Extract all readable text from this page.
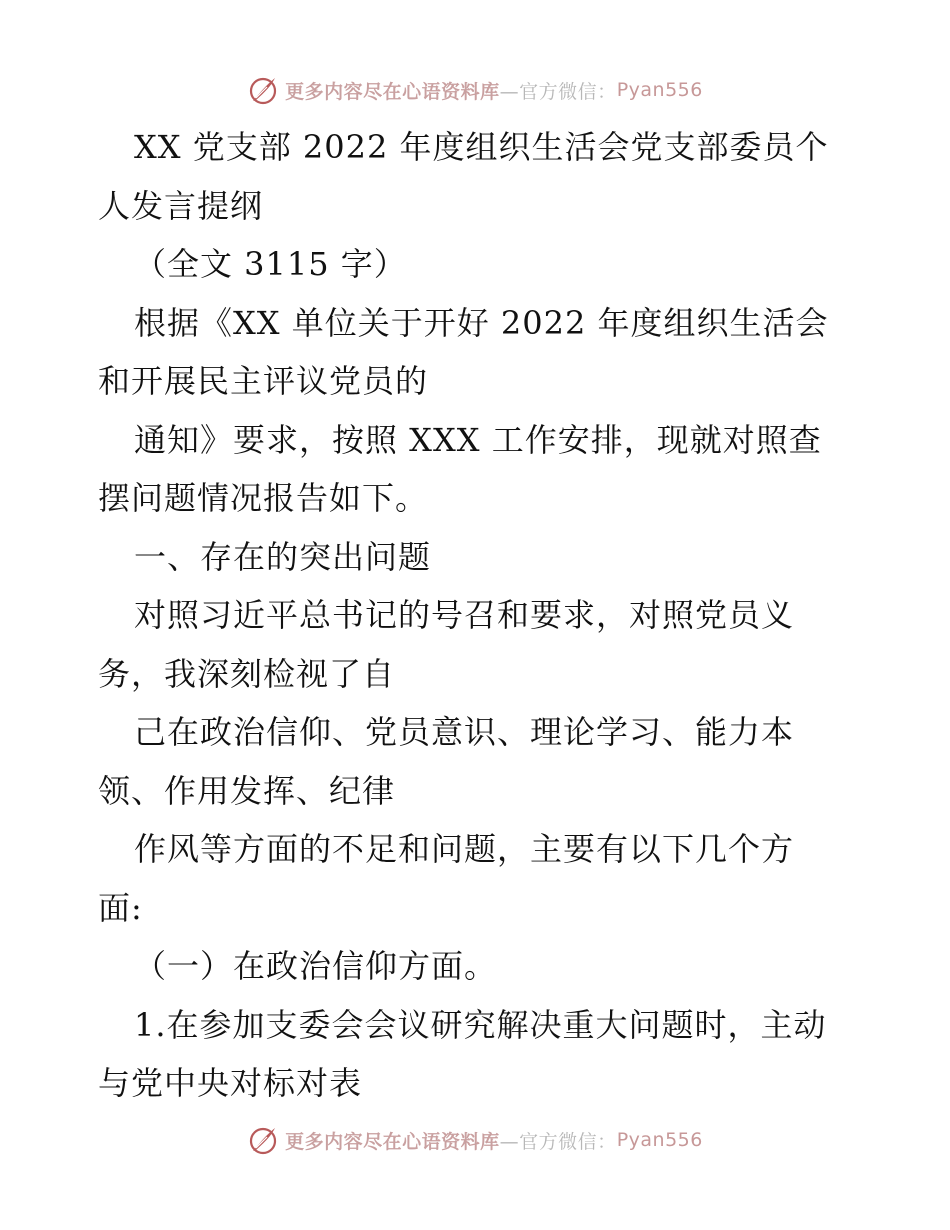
更多内容尽在心语资料库 —官方微信： Pyan556
XX 党支部 2022 年度组织生活会党支部委员个
人发言提纲
（全文 3115 字）
根据《XX 单位关于开好 2022 年度组织生活会
和开展民主评议党员的
通知》要求，按照 XXX 工作安排，现就对照查
摆问题情况报告如下。
一、存在的突出问题
对照习近平总书记的号召和要求，对照党员义
务，我深刻检视了自
己在政治信仰、党员意识、理论学习、能力本
领、作用发挥、纪律
作风等方面的不足和问题，主要有以下几个方
面:
（一）在政治信仰方面。
1.在参加支委会会议研究解决重大问题时，主动
与党中央对标对表
更多内容尽在心语资料库 —官方微信： Pyan556
